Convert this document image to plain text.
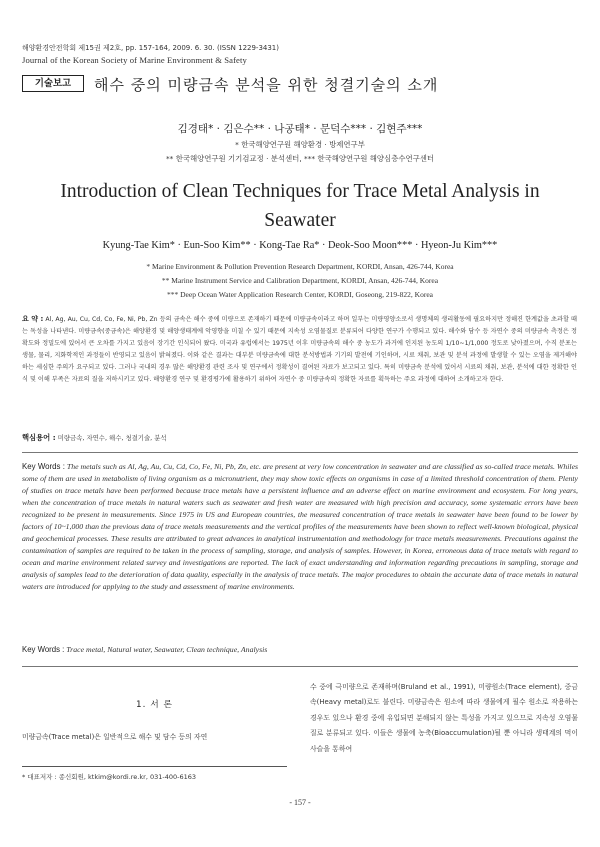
해양환경안전학회 제15권 제2호, pp. 157-164, 2009. 6. 30. (ISSN 1229-3431)
Journal of the Korean Society of Marine Environment & Safety
기술보고	해수 중의 미량금속 분석을 위한 청결기술의 소개
김경태* · 김은수** · 나공태* · 문덕수*** · 김현주***
* 한국해양연구원 해양환경 · 방제연구부
** 한국해양연구원 기기검교정 · 분석센터, *** 한국해양연구원 해양심층수연구센터
Introduction of Clean Techniques for Trace Metal Analysis in Seawater
Kyung-Tae Kim* · Eun-Soo Kim** · Kong-Tae Ra* · Deok-Soo Moon*** · Hyeon-Ju Kim***
* Marine Environment & Pollution Prevention Research Department, KORDI, Ansan, 426-744, Korea
** Marine Instrument Service and Calibration Department, KORDI, Ansan, 426-744, Korea
*** Deep Ocean Water Application Research Center, KORDI, Goseong, 219-822, Korea
요 약 : Al, Ag, Au, Cu, Cd, Co, Fe, Ni, Pb, Zn 등의 금속은 해수 중에 미량으로 존재하기 때문에 미량금속이라고 하며 일부는 미량영양소로서 생명체의 생리활동에 필요하지만 정해진 한계값을 초과할 때는 독성을 나타낸다. 미량금속(중금속)은 해양환경 및 해양생태계에 악영향을 미칠 수 있기 때문에 지속성 오염물질로 분류되어 다양한 연구가 수행되고 있다. 해수와 담수 등 자연수 중의 미량금속 측정은 정확도와 정밀도에 있어서 큰 오차를 가지고 있음이 장기간 인식되어 왔다. 미국과 유럽에서는 1975년 이후 미량금속의 해수 중 농도가 과거에 인지된 농도의 1/10~1/1,000 정도로 낮아졌으며, 수직 분포는 생물, 물리, 지화학적인 과정들이 반영되고 있음이 밝혀졌다. 이와 같은 결과는 대부분 미량금속에 대한 분석방법과 기기의 발전에 기인하며, 시료 채취, 보관 및 분석 과정에 발생할 수 있는 오염을 제거해야 하는 세심한 주의가 요구되고 있다. 그러나 국내의 경우 많은 해양환경 관련 조사 및 연구에서 정확성이 결여된 자료가 보고되고 있다. 특히 미량금속 분석에 있어서 시료의 채취, 보관, 분석에 대한 정확한 인식 및 이해 부족은 자료의 질을 저하시키고 있다. 해양환경 연구 및 환경평가에 활용하기 위하여 자연수 중 미량금속의 정확한 자료를 획득하는 주요 과정에 대하여 소개하고자 한다.
핵심용어 : 미량금속, 자연수, 해수, 청결기술, 분석
Key Words : The metals such as Al, Ag, Au, Cu, Cd, Co, Fe, Ni, Pb, Zn, etc. are present at very low concentration in seawater and are classified as so-called trace metals. Whiles some of them are used in metabolism of living organism as a micronutrient, they may show toxic effects on organisms in case of a limited threshold concentration of them. Plenty of studies on trace metals have been performed because trace metals have a persistent influence and an adverse effect on marine environment and ecosystem. For long years, when the concentration of trace metals in natural waters such as seawater and fresh water are measured with high precision and accuracy, some systematic errors have been recognized to be present in measurements. Since 1975 in US and European countries, the measured concentration of trace metals in seawater have been found to be lower by factors of 10~1,000 than the previous data of trace metals measurements and the vertical profiles of the measurements have been shown to reflect well-known biological, physical and geochemical processes. These results are attributed to great advances in analytical instrumentation and methodology for trace metals measurements. Precautions against the contamination of samples are required to be taken in the process of sampling, storage, and analysis of samples. However, in Korea, erroneous data of trace metals with regard to ocean and marine environment related survey and investigations are reported. The lack of exact understanding and information regarding precautions in sampling, storage and analysis of samples lead to the deterioration of data quality, especially in the analysis of trace metals. The major procedures to obtain the accurate data of trace metals in natural waters are introduced for applying to the study and assessment of marine environments.
Key Words : Trace metal, Natural water, Seawater, Clean technique, Analysis
1. 서 론
미량금속(Trace metal)은 일반적으로 해수 및 담수 등의 자연
수 중에 극미량으로 존재하며(Bruland et al., 1991), 미량원소(Trace element), 중금속(Heavy metal)로도 불린다. 미량금속은 원소에 따라 생물에게 필수 원소로 작용하는 경우도 있으나 환경 중에 유입되면 분해되지 않는 특성을 가지고 있으므로 지속성 오염물질로 분류되고 있다. 이들은 생물에 농축(Bioaccumulation)될 뿐 아니라 생태계의 먹이사슬을 통하여
* 대표저자 : 종신회원, ktkim@kordi.re.kr, 031-400-6163
- 157 -
